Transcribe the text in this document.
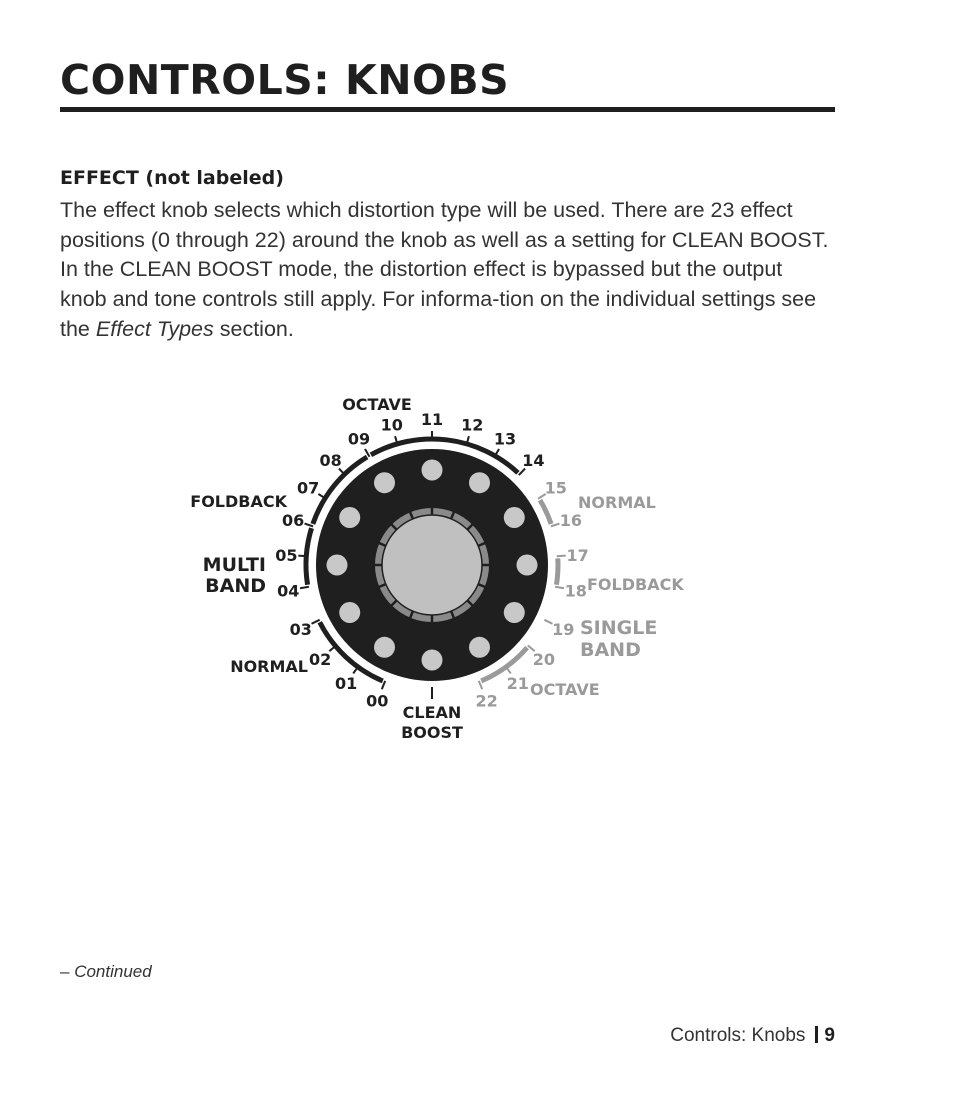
CONTROLS: KNOBS
EFFECT (not labeled)

The effect knob selects which distortion type will be used. There are 23 effect positions (0 through 22) around the knob as well as a setting for CLEAN BOOST. In the CLEAN BOOST mode, the distortion effect is bypassed but the output knob and tone controls still apply. For informa-tion on the individual settings see the Effect Types section.

00
01
02
03
04
05
06
07
08
09
10 11 12
13
14
15
16
17
18
19
20
21
22
CLEAN
BOOST
OCTAVE
FOLDBACK
MULTI
BAND
NORMAL
NORMAL
FOLDBACK
SINGLE
BAND
OCTAVE

– Continued

Controls: Knobs 9
